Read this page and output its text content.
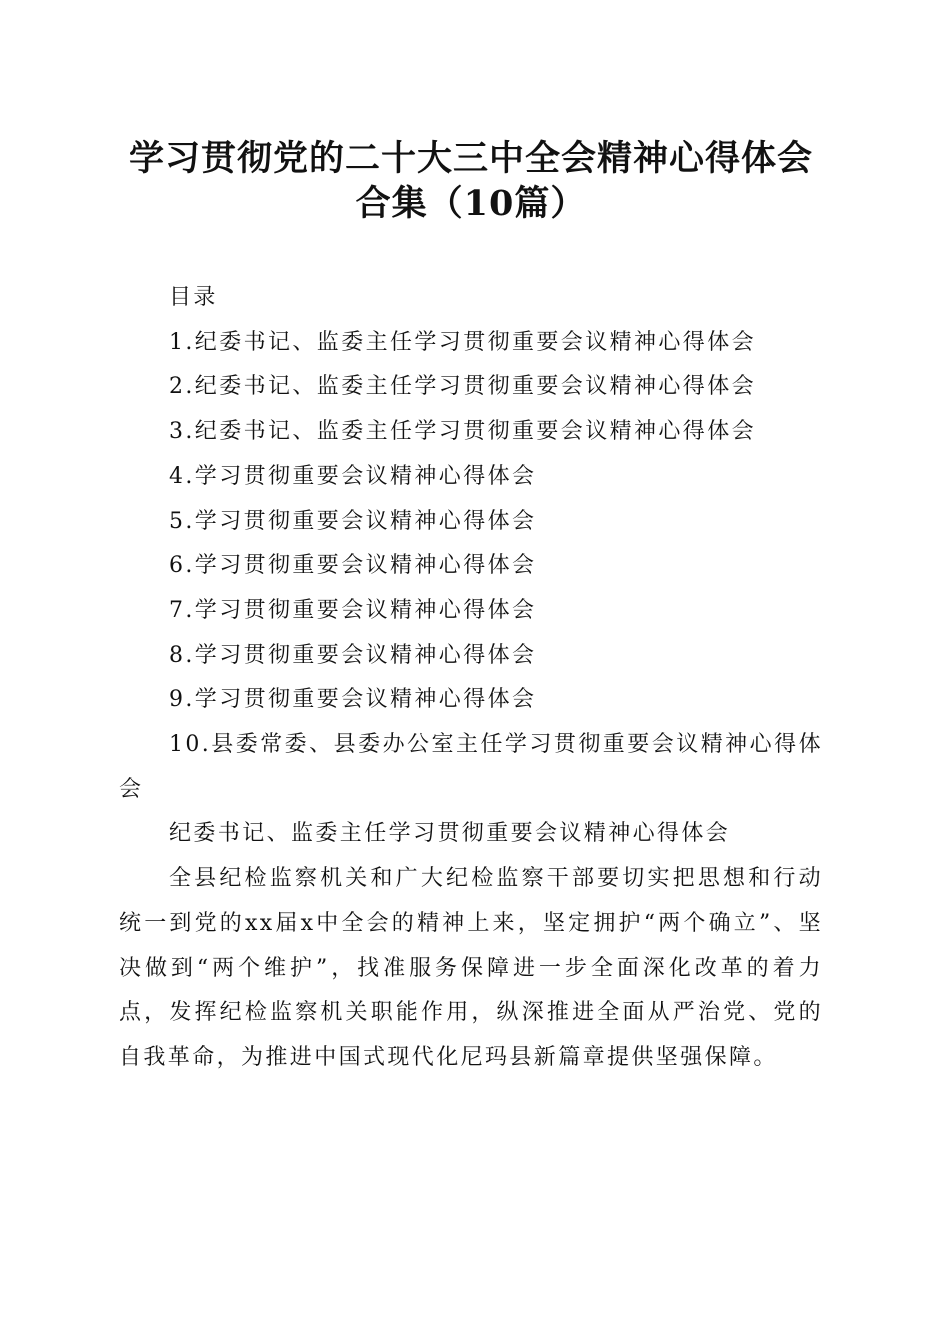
学习贯彻党的二十大三中全会精神心得体会合集（10篇）

目录

1.纪委书记、监委主任学习贯彻重要会议精神心得体会

2.纪委书记、监委主任学习贯彻重要会议精神心得体会

3.纪委书记、监委主任学习贯彻重要会议精神心得体会

4.学习贯彻重要会议精神心得体会

5.学习贯彻重要会议精神心得体会

6.学习贯彻重要会议精神心得体会

7.学习贯彻重要会议精神心得体会

8.学习贯彻重要会议精神心得体会

9.学习贯彻重要会议精神心得体会

10.县委常委、县委办公室主任学习贯彻重要会议精神心得体会

纪委书记、监委主任学习贯彻重要会议精神心得体会

全县纪检监察机关和广大纪检监察干部要切实把思想和行动统一到党的xx届x中全会的精神上来，坚定拥护“两个确立”、坚决做到“两个维护”，找准服务保障进一步全面深化改革的着力点，发挥纪检监察机关职能作用，纵深推进全面从严治党、党的自我革命，为推进中国式现代化尼玛县新篇章提供坚强保障。
